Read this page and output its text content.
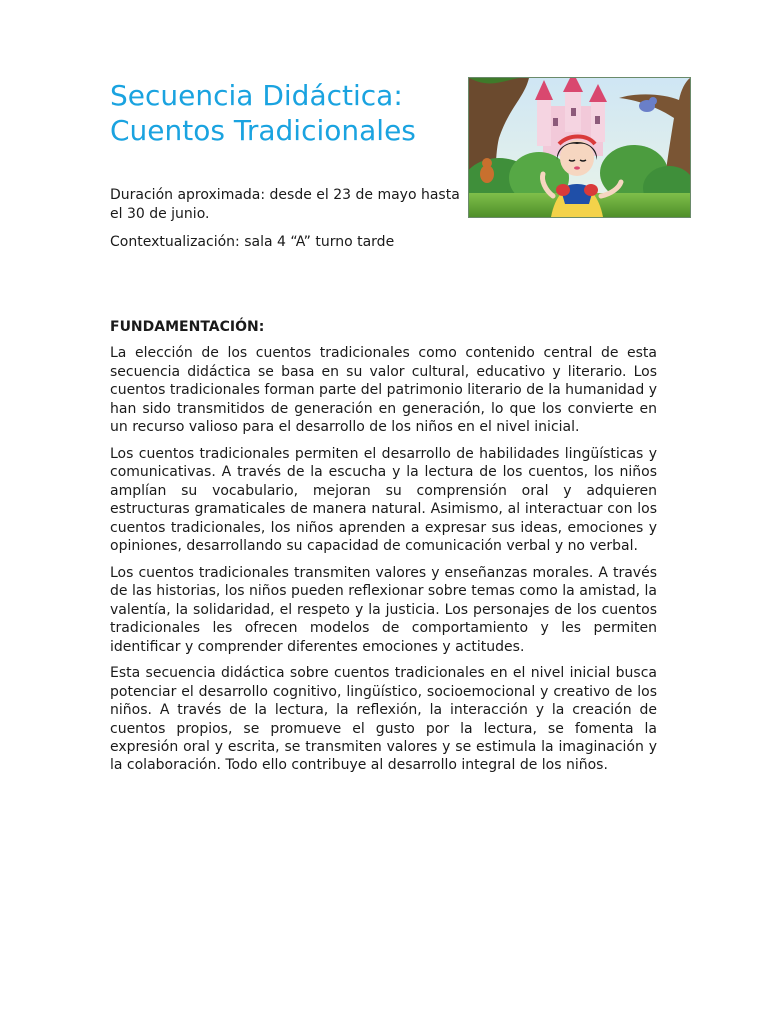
Secuencia Didáctica:
Cuentos Tradicionales

Duración aproximada: desde el 23 de mayo hasta el 30 de junio.

Contextualización: sala 4 “A” turno tarde

FUNDAMENTACIÓN:

La elección de los cuentos tradicionales como contenido central de esta secuencia didáctica se basa en su valor cultural, educativo y literario. Los cuentos tradicionales forman parte del patrimonio literario de la humanidad y han sido transmitidos de generación en generación, lo que los convierte en un recurso valioso para el desarrollo de los niños en el nivel inicial.

Los cuentos tradicionales permiten el desarrollo de habilidades lingüísticas y comunicativas. A través de la escucha y la lectura de los cuentos, los niños amplían su vocabulario, mejoran su comprensión oral y adquieren estructuras gramaticales de manera natural. Asimismo, al interactuar con los cuentos tradicionales, los niños aprenden a expresar sus ideas, emociones y opiniones, desarrollando su capacidad de comunicación verbal y no verbal.

Los cuentos tradicionales transmiten valores y enseñanzas morales. A través de las historias, los niños pueden reflexionar sobre temas como la amistad, la valentía, la solidaridad, el respeto y la justicia. Los personajes de los cuentos tradicionales les ofrecen modelos de comportamiento y les permiten identificar y comprender diferentes emociones y actitudes.

Esta secuencia didáctica sobre cuentos tradicionales en el nivel inicial busca potenciar el desarrollo cognitivo, lingüístico, socioemocional y creativo de los niños. A través de la lectura, la reflexión, la interacción y la creación de cuentos propios, se promueve el gusto por la lectura, se fomenta la expresión oral y escrita, se transmiten valores y se estimula la imaginación y la colaboración. Todo ello contribuye al desarrollo integral de los niños.
